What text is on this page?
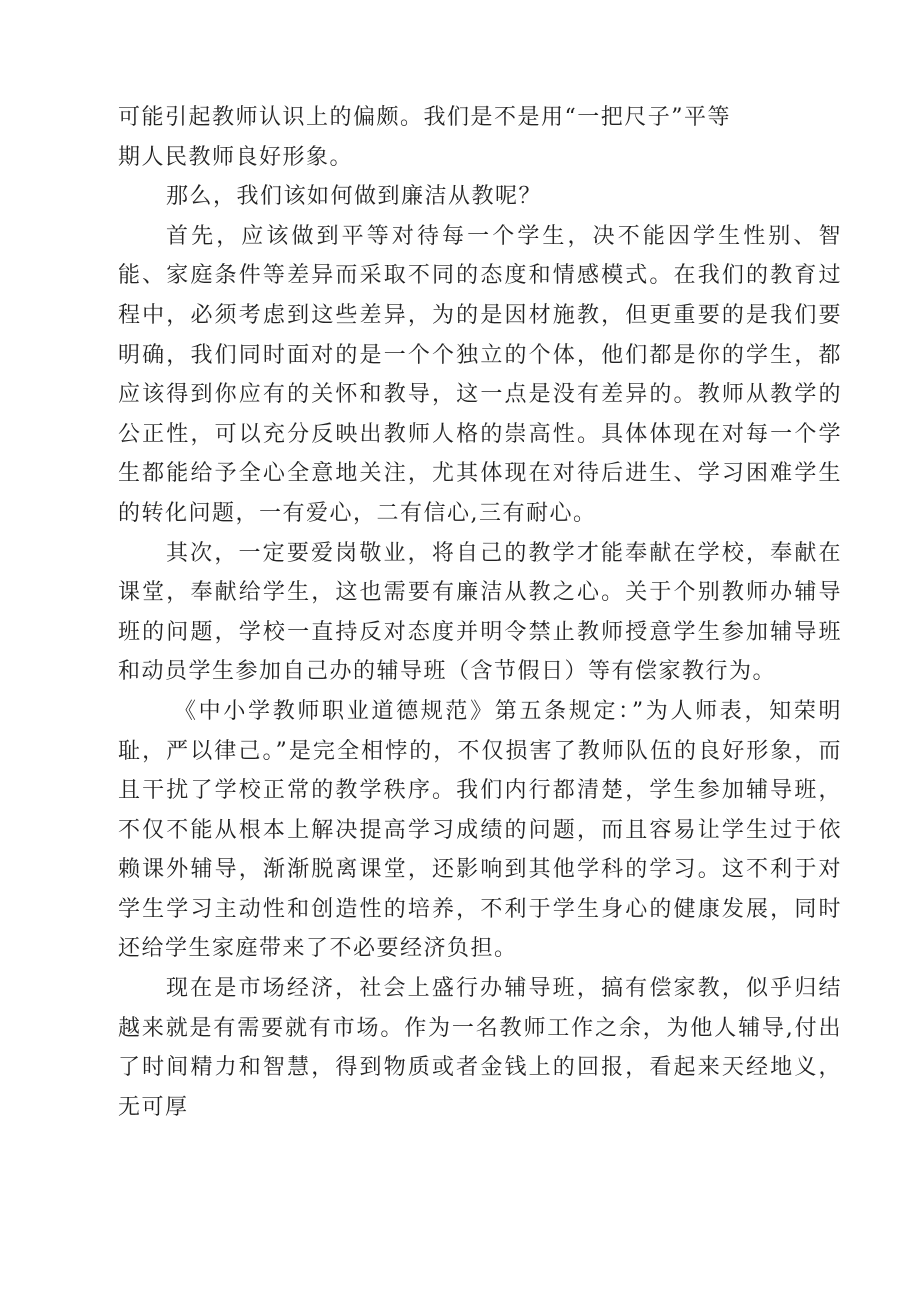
可能引起教师认识上的偏颇。我们是不是用“一把尺子”平等

期人民教师良好形象。

那么，我们该如何做到廉洁从教呢？

首先，应该做到平等对待每一个学生，决不能因学生性别、智能、家庭条件等差异而采取不同的态度和情感模式。在我们的教育过程中，必须考虑到这些差异，为的是因材施教，但更重要的是我们要明确，我们同时面对的是一个个独立的个体，他们都是你的学生，都应该得到你应有的关怀和教导，这一点是没有差异的。教师从教学的公正性，可以充分反映出教师人格的崇高性。具体体现在对每一个学生都能给予全心全意地关注，尤其体现在对待后进生、学习困难学生的转化问题，一有爱心，二有信心,三有耐心。

其次，一定要爱岗敬业，将自己的教学才能奉献在学校，奉献在课堂，奉献给学生，这也需要有廉洁从教之心。关于个别教师办辅导班的问题，学校一直持反对态度并明令禁止教师授意学生参加辅导班和动员学生参加自己办的辅导班（含节假日）等有偿家教行为。

《中小学教师职业道德规范》第五条规定：”为人师表，知荣明耻，严以律己。”是完全相悖的，不仅损害了教师队伍的良好形象，而且干扰了学校正常的教学秩序。我们内行都清楚，学生参加辅导班，不仅不能从根本上解决提高学习成绩的问题，而且容易让学生过于依赖课外辅导，渐渐脱离课堂，还影响到其他学科的学习。这不利于对学生学习主动性和创造性的培养，不利于学生身心的健康发展，同时还给学生家庭带来了不必要经济负担。

现在是市场经济，社会上盛行办辅导班，搞有偿家教，似乎归结越来就是有需要就有市场。作为一名教师工作之余，为他人辅导,付出了时间精力和智慧，得到物质或者金钱上的回报，看起来天经地义，无可厚
